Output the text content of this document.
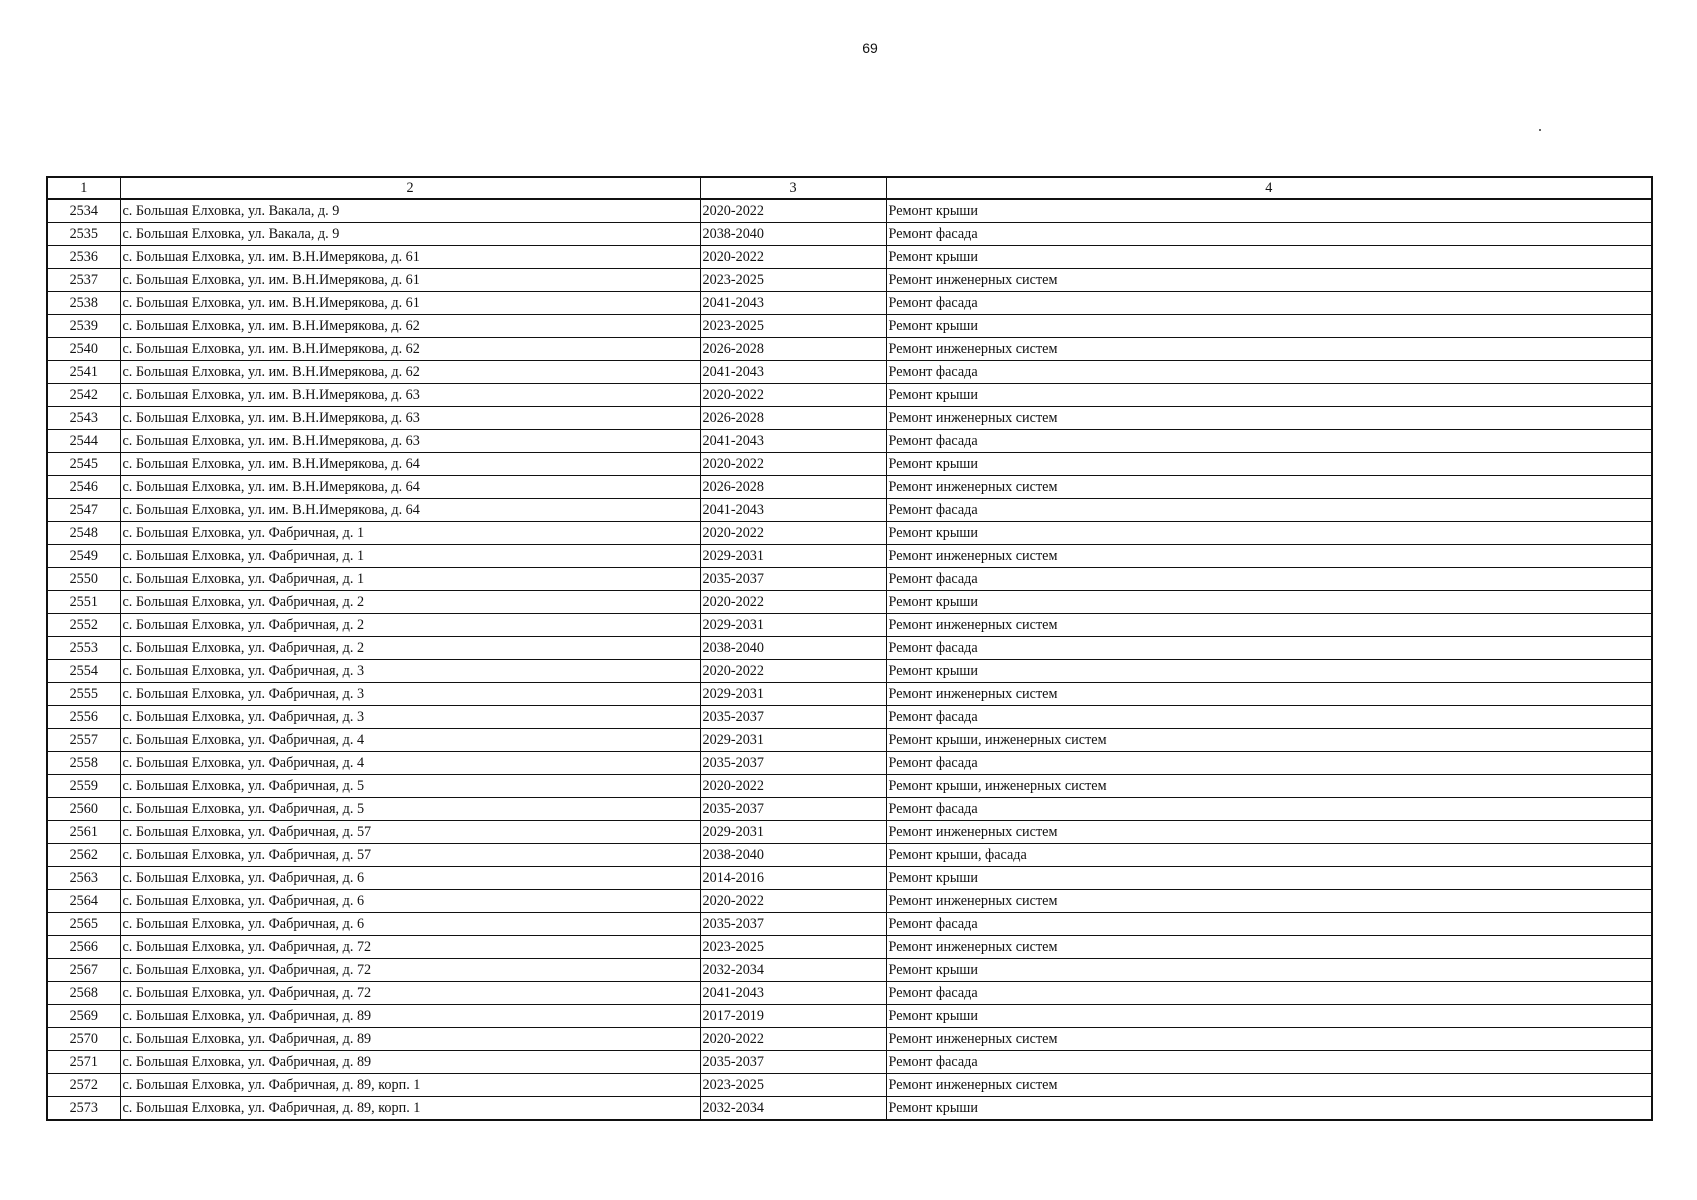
69
1	2	3	4
2534	с. Большая Елховка, ул. Вакала, д. 9	2020-2022	Ремонт крыши
2535	с. Большая Елховка, ул. Вакала, д. 9	2038-2040	Ремонт фасада
2536	с. Большая Елховка, ул. им. В.Н.Имерякова, д. 61	2020-2022	Ремонт крыши
2537	с. Большая Елховка, ул. им. В.Н.Имерякова, д. 61	2023-2025	Ремонт инженерных систем
2538	с. Большая Елховка, ул. им. В.Н.Имерякова, д. 61	2041-2043	Ремонт фасада
2539	с. Большая Елховка, ул. им. В.Н.Имерякова, д. 62	2023-2025	Ремонт крыши
2540	с. Большая Елховка, ул. им. В.Н.Имерякова, д. 62	2026-2028	Ремонт инженерных систем
2541	с. Большая Елховка, ул. им. В.Н.Имерякова, д. 62	2041-2043	Ремонт фасада
2542	с. Большая Елховка, ул. им. В.Н.Имерякова, д. 63	2020-2022	Ремонт крыши
2543	с. Большая Елховка, ул. им. В.Н.Имерякова, д. 63	2026-2028	Ремонт инженерных систем
2544	с. Большая Елховка, ул. им. В.Н.Имерякова, д. 63	2041-2043	Ремонт фасада
2545	с. Большая Елховка, ул. им. В.Н.Имерякова, д. 64	2020-2022	Ремонт крыши
2546	с. Большая Елховка, ул. им. В.Н.Имерякова, д. 64	2026-2028	Ремонт инженерных систем
2547	с. Большая Елховка, ул. им. В.Н.Имерякова, д. 64	2041-2043	Ремонт фасада
2548	с. Большая Елховка, ул. Фабричная, д. 1	2020-2022	Ремонт крыши
2549	с. Большая Елховка, ул. Фабричная, д. 1	2029-2031	Ремонт инженерных систем
2550	с. Большая Елховка, ул. Фабричная, д. 1	2035-2037	Ремонт фасада
2551	с. Большая Елховка, ул. Фабричная, д. 2	2020-2022	Ремонт крыши
2552	с. Большая Елховка, ул. Фабричная, д. 2	2029-2031	Ремонт инженерных систем
2553	с. Большая Елховка, ул. Фабричная, д. 2	2038-2040	Ремонт фасада
2554	с. Большая Елховка, ул. Фабричная, д. 3	2020-2022	Ремонт крыши
2555	с. Большая Елховка, ул. Фабричная, д. 3	2029-2031	Ремонт инженерных систем
2556	с. Большая Елховка, ул. Фабричная, д. 3	2035-2037	Ремонт фасада
2557	с. Большая Елховка, ул. Фабричная, д. 4	2029-2031	Ремонт крыши, инженерных систем
2558	с. Большая Елховка, ул. Фабричная, д. 4	2035-2037	Ремонт фасада
2559	с. Большая Елховка, ул. Фабричная, д. 5	2020-2022	Ремонт крыши, инженерных систем
2560	с. Большая Елховка, ул. Фабричная, д. 5	2035-2037	Ремонт фасада
2561	с. Большая Елховка, ул. Фабричная, д. 57	2029-2031	Ремонт инженерных систем
2562	с. Большая Елховка, ул. Фабричная, д. 57	2038-2040	Ремонт крыши, фасада
2563	с. Большая Елховка, ул. Фабричная, д. 6	2014-2016	Ремонт крыши
2564	с. Большая Елховка, ул. Фабричная, д. 6	2020-2022	Ремонт инженерных систем
2565	с. Большая Елховка, ул. Фабричная, д. 6	2035-2037	Ремонт фасада
2566	с. Большая Елховка, ул. Фабричная, д. 72	2023-2025	Ремонт инженерных систем
2567	с. Большая Елховка, ул. Фабричная, д. 72	2032-2034	Ремонт крыши
2568	с. Большая Елховка, ул. Фабричная, д. 72	2041-2043	Ремонт фасада
2569	с. Большая Елховка, ул. Фабричная, д. 89	2017-2019	Ремонт крыши
2570	с. Большая Елховка, ул. Фабричная, д. 89	2020-2022	Ремонт инженерных систем
2571	с. Большая Елховка, ул. Фабричная, д. 89	2035-2037	Ремонт фасада
2572	с. Большая Елховка, ул. Фабричная, д. 89, корп. 1	2023-2025	Ремонт инженерных систем
2573	с. Большая Елховка, ул. Фабричная, д. 89, корп. 1	2032-2034	Ремонт крыши
